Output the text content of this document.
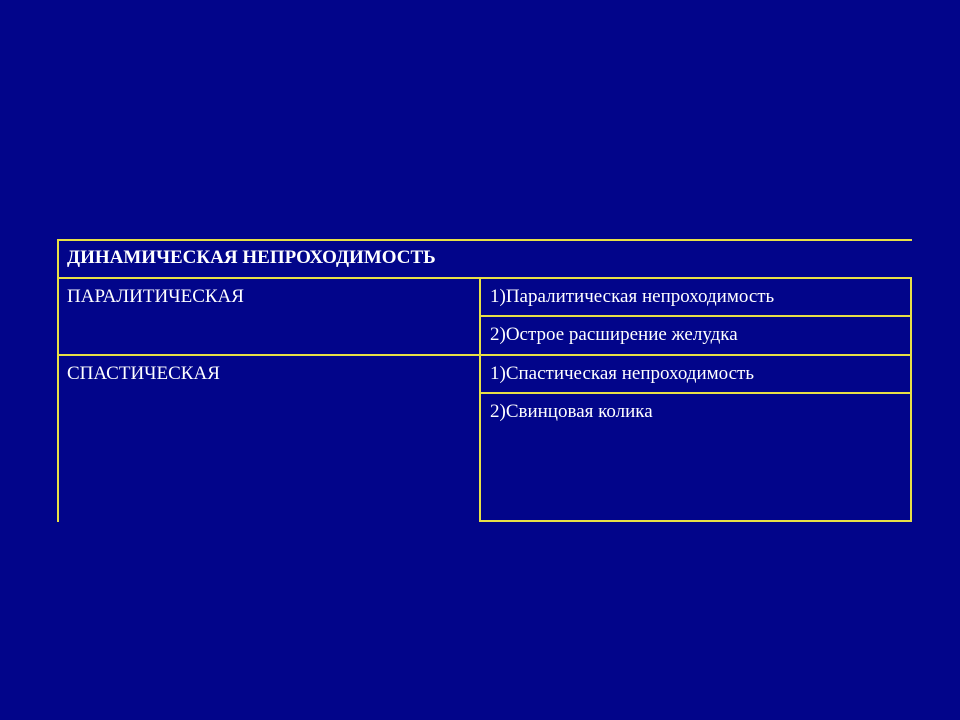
ДИНАМИЧЕСКАЯ НЕПРОХОДИМОСТЬ
ПАРАЛИТИЧЕСКАЯ	1)Паралитическая непроходимость
2)Острое расширение желудка
СПАСТИЧЕСКАЯ	1)Спастическая непроходимость
2)Свинцовая колика
